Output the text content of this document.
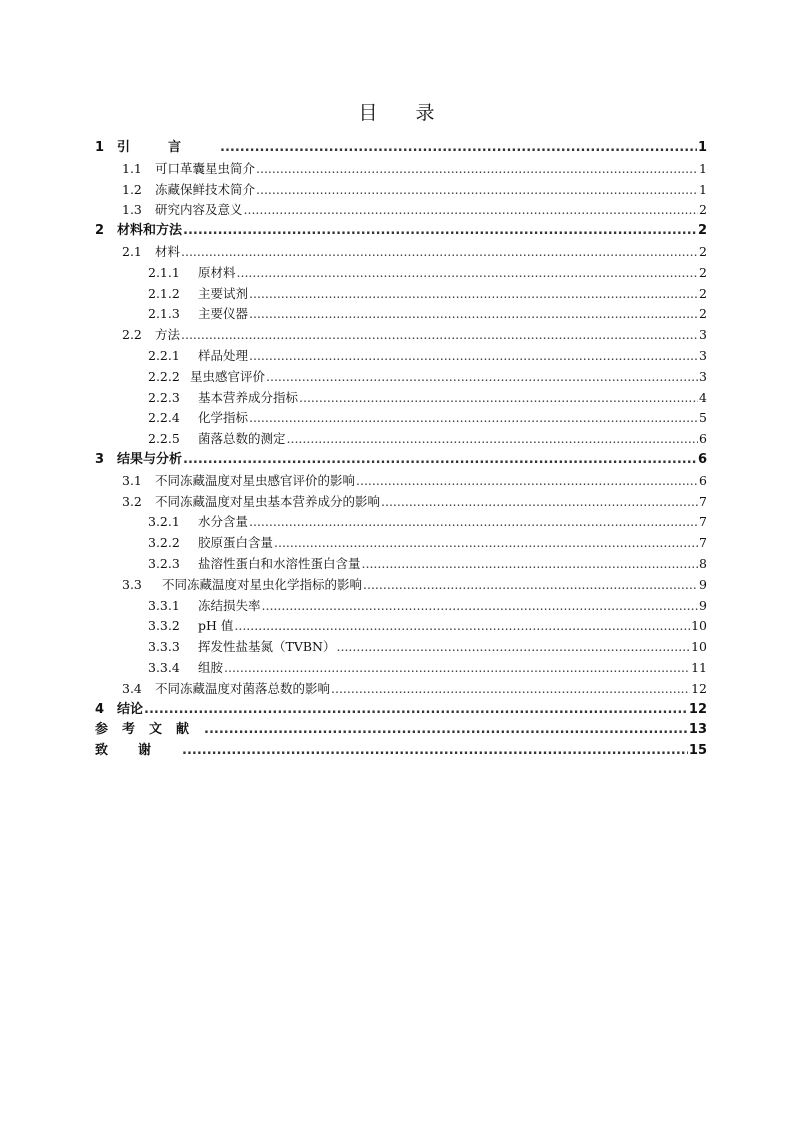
目录
1 引言 .....	1
1.1 可口革囊星虫简介 .....	1
1.2 冻藏保鲜技术简介 .....	1
1.3 研究内容及意义 .....	2
2 材料和方法 .....	2
2.1 材料 .....	2
2.1.1 原材料 .....	2
2.1.2 主要试剂 .....	2
2.1.3 主要仪器 .....	2
2.2 方法 .....	3
2.2.1 样品处理 .....	3
2.2.2 星虫感官评价 .....	3
2.2.3 基本营养成分指标 .....	4
2.2.4 化学指标 .....	5
2.2.5 菌落总数的测定 .....	6
3 结果与分析 .....	6
3.1 不同冻藏温度对星虫感官评价的影响 .....	6
3.2 不同冻藏温度对星虫基本营养成分的影响 .....	7
3.2.1 水分含量 .....	7
3.2.2 胶原蛋白含量 .....	7
3.2.3 盐溶性蛋白和水溶性蛋白含量 .....	8
3.3 不同冻藏温度对星虫化学指标的影响 .....	9
3.3.1 冻结损失率 .....	9
3.3.2 pH 值 .....	10
3.3.3 挥发性盐基氮（TVBN） .....	10
3.3.4 组胺 .....	11
3.4 不同冻藏温度对菌落总数的影响 .....	12
4 结论 .....	12
参考文献 .....	13
致谢 .....	15
